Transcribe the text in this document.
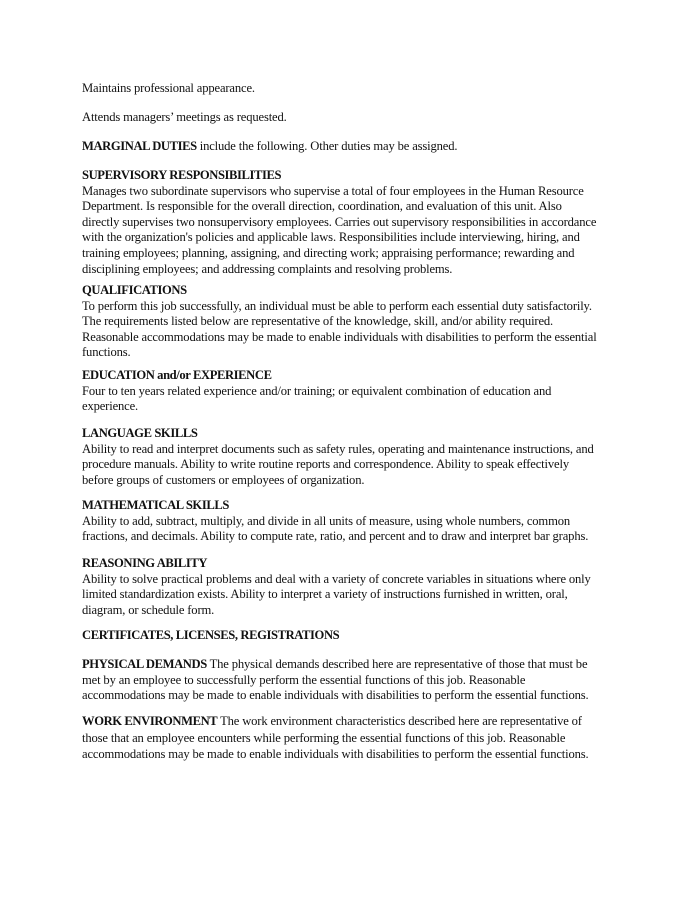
Maintains professional appearance.
Attends managers’ meetings as requested.
MARGINAL DUTIES include the following. Other duties may be assigned.
SUPERVISORY RESPONSIBILITIES
Manages two subordinate supervisors who supervise a total of four employees in the Human Resource
Department. Is responsible for the overall direction, coordination, and evaluation of this unit. Also
directly supervises two nonsupervisory employees. Carries out supervisory responsibilities in accordance
with the organization's policies and applicable laws. Responsibilities include interviewing, hiring, and
training employees; planning, assigning, and directing work; appraising performance; rewarding and
disciplining employees; and addressing complaints and resolving problems.
QUALIFICATIONS
To perform this job successfully, an individual must be able to perform each essential duty satisfactorily.
The requirements listed below are representative of the knowledge, skill, and/or ability required.
Reasonable accommodations may be made to enable individuals with disabilities to perform the essential
functions.
EDUCATION and/or EXPERIENCE
Four to ten years related experience and/or training; or equivalent combination of education and
experience.
LANGUAGE SKILLS
Ability to read and interpret documents such as safety rules, operating and maintenance instructions, and
procedure manuals. Ability to write routine reports and correspondence. Ability to speak effectively
before groups of customers or employees of organization.
MATHEMATICAL SKILLS
Ability to add, subtract, multiply, and divide in all units of measure, using whole numbers, common
fractions, and decimals. Ability to compute rate, ratio, and percent and to draw and interpret bar graphs.
REASONING ABILITY
Ability to solve practical problems and deal with a variety of concrete variables in situations where only
limited standardization exists. Ability to interpret a variety of instructions furnished in written, oral,
diagram, or schedule form.
CERTIFICATES, LICENSES, REGISTRATIONS
PHYSICAL DEMANDS The physical demands described here are representative of those that must be
met by an employee to successfully perform the essential functions of this job. Reasonable
accommodations may be made to enable individuals with disabilities to perform the essential functions.
WORK ENVIRONMENT The work environment characteristics described here are representative of
those that an employee encounters while performing the essential functions of this job. Reasonable
accommodations may be made to enable individuals with disabilities to perform the essential functions.
